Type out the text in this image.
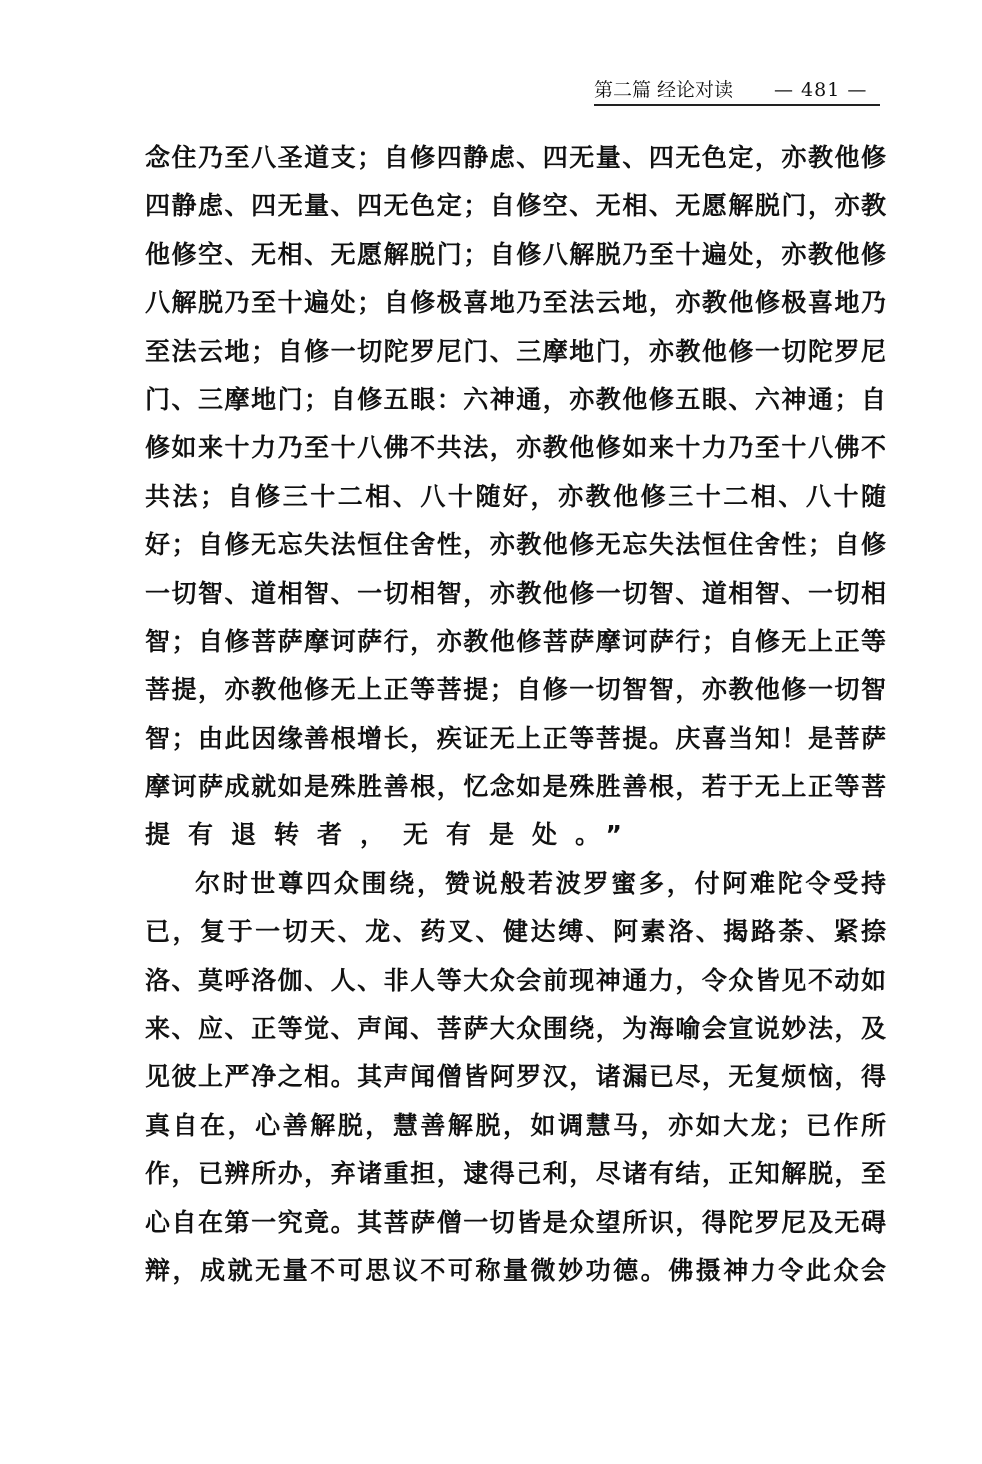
第二篇 经论对读 — 481 —
念住乃至八圣道支；自修四静虑、四无量、四无色定，亦教他修
四静虑、四无量、四无色定；自修空、无相、无愿解脱门，亦教
他修空、无相、无愿解脱门；自修八解脱乃至十遍处，亦教他修
八解脱乃至十遍处；自修极喜地乃至法云地，亦教他修极喜地乃
至法云地；自修一切陀罗尼门、三摩地门，亦教他修一切陀罗尼
门、三摩地门；自修五眼：六神通，亦教他修五眼、六神通；自
修如来十力乃至十八佛不共法，亦教他修如来十力乃至十八佛不
共法；自修三十二相、八十随好，亦教他修三十二相、八十随
好；自修无忘失法恒住舍性，亦教他修无忘失法恒住舍性；自修
一切智、道相智、一切相智，亦教他修一切智、道相智、一切相
智；自修菩萨摩诃萨行，亦教他修菩萨摩诃萨行；自修无上正等
菩提，亦教他修无上正等菩提；自修一切智智，亦教他修一切智
智；由此因缘善根增长，疾证无上正等菩提。庆喜当知！是菩萨
摩诃萨成就如是殊胜善根，忆念如是殊胜善根，若于无上正等菩
提有退转者，无有是处。”
尔时世尊四众围绕，赞说般若波罗蜜多，付阿难陀令受持
已，复于一切天、龙、药叉、健达缚、阿素洛、揭路荼、紧捺
洛、莫呼洛伽、人、非人等大众会前现神通力，令众皆见不动如
来、应、正等觉、声闻、菩萨大众围绕，为海喻会宣说妙法，及
见彼上严净之相。其声闻僧皆阿罗汉，诸漏已尽，无复烦恼，得
真自在，心善解脱，慧善解脱，如调慧马，亦如大龙；已作所
作，已辨所办，弃诸重担，逮得己利，尽诸有结，正知解脱，至
心自在第一究竟。其菩萨僧一切皆是众望所识，得陀罗尼及无碍
辩，成就无量不可思议不可称量微妙功德。佛摄神力令此众会
